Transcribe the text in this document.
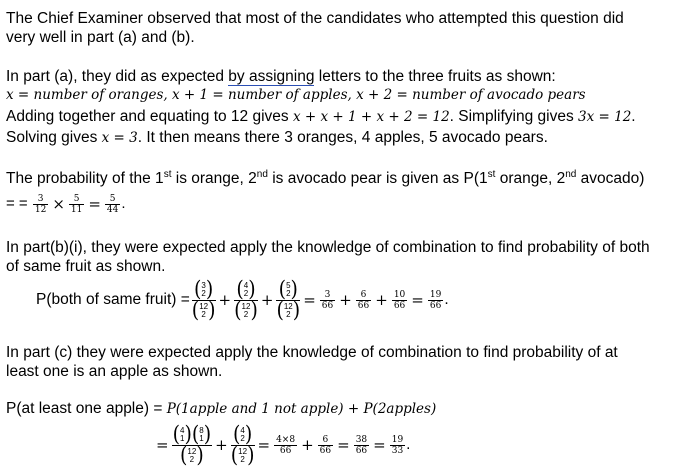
The Chief Examiner observed that most of the candidates who attempted this question did
very well in part (a) and (b).
In part (a), they did as expected by assigning letters to the three fruits as shown:
x = number of oranges, x + 1 = number of apples, x + 2 = number of avocado pears
Adding together and equating to 12 gives x + x + 1 + x + 2 = 12. Simplifying gives 3x = 12.
Solving gives x = 3. It then means there 3 oranges, 4 apples, 5 avocado pears.
The probability of the 1st is orange, 2nd is avocado pear is given as P(1st orange, 2nd avocado)
= = $\frac{3}{12} \times \frac{5}{11} = \frac{5}{44}$ .
In part(b)(i), they were expected apply the knowledge of combination to find probability of both
of same fruit as shown.
P(both of same fruit) = ( 3
2 )
( 12
2 ) + ( 4
2 )
( 12
2 ) + ( 5
2 )
( 12
2 ) = $\frac{3}{66} + \frac{6}{66} + \frac{10}{66} = \frac{19}{66}$ .
In part (c) they were expected apply the knowledge of combination to find probability of at
least one is an apple as shown.
P(at least one apple) = P(1apple and 1 not apple) + P(2apples)
= ( 4
1 )( 8
1 )
( 12
2 ) + ( 4
2 )
( 12
2 ) = $\frac{4\times 8}{66} + \frac{6}{66} = \frac{38}{66} = \frac{19}{33}$ .
